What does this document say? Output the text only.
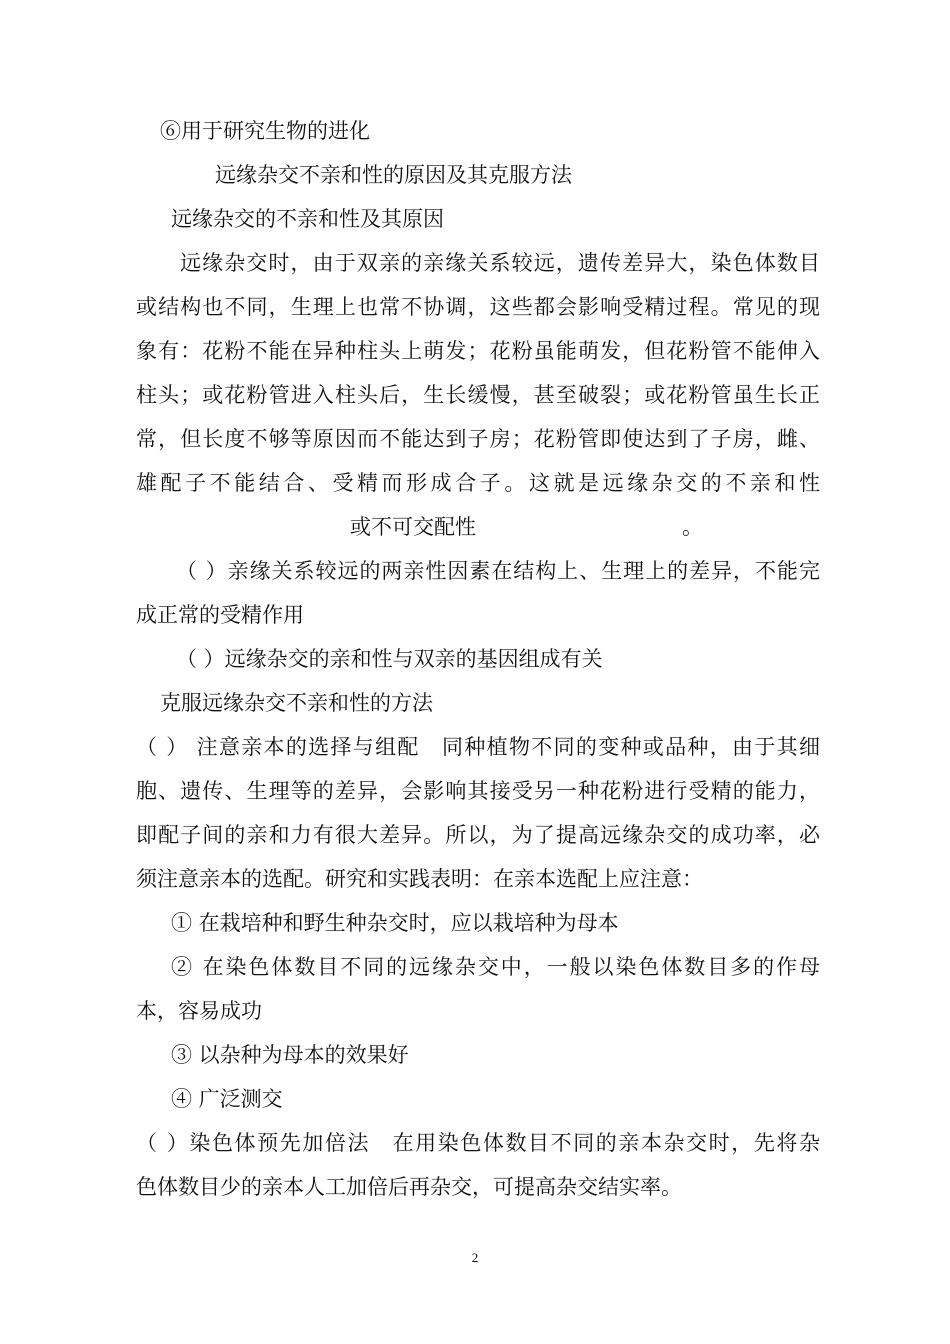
⑥用于研究生物的进化

远缘杂交不亲和性的原因及其克服方法

远缘杂交的不亲和性及其原因

远缘杂交时，由于双亲的亲缘关系较远，遗传差异大，染色体数目

或结构也不同，生理上也常不协调，这些都会影响受精过程。常见的现

象有：花粉不能在异种柱头上萌发；花粉虽能萌发，但花粉管不能伸入

柱头；或花粉管进入柱头后，生长缓慢，甚至破裂；或花粉管虽生长正

常，但长度不够等原因而不能达到子房；花粉管即使达到了子房，雌、

雄配子不能结合、受精而形成合子。这就是远缘杂交的不亲和性

或不可交配性	。

（ ）亲缘关系较远的两亲性因素在结构上、生理上的差异，不能完

成正常的受精作用

（ ）远缘杂交的亲和性与双亲的基因组成有关

克服远缘杂交不亲和性的方法

（ ） 注意亲本的选择与组配　同种植物不同的变种或品种，由于其细

胞、遗传、生理等的差异，会影响其接受另一种花粉进行受精的能力，

即配子间的亲和力有很大差异。所以，为了提高远缘杂交的成功率，必

须注意亲本的选配。研究和实践表明：在亲本选配上应注意：

① 在栽培种和野生种杂交时，应以栽培种为母本

② 在染色体数目不同的远缘杂交中，一般以染色体数目多的作母

本，容易成功

③ 以杂种为母本的效果好

④ 广泛测交

（ ）染色体预先加倍法　在用染色体数目不同的亲本杂交时，先将杂

色体数目少的亲本人工加倍后再杂交，可提高杂交结实率。

2
